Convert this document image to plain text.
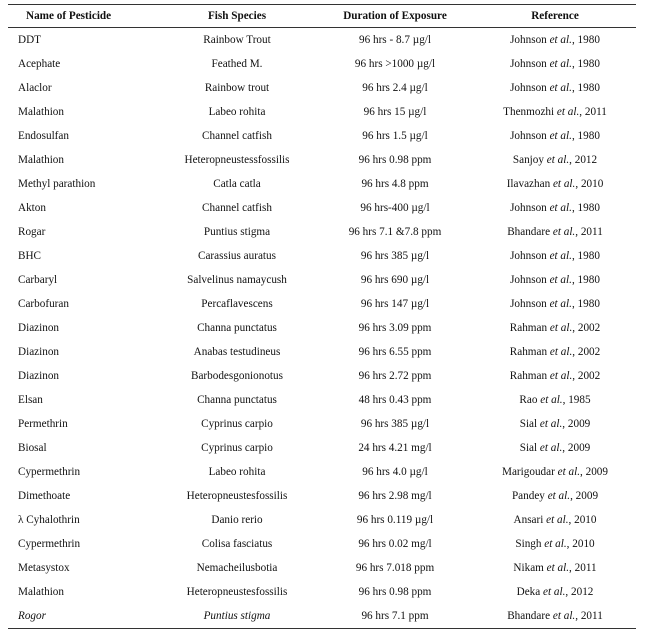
Name of Pesticide	Fish Species	Duration of Exposure	Reference
DDT	Rainbow Trout	96 hrs - 8.7 µg/l	Johnson et al., 1980
Acephate	Feathed M.	96 hrs >1000 µg/l	Johnson et al., 1980
Alaclor	Rainbow trout	96 hrs 2.4 µg/l	Johnson et al., 1980
Malathion	Labeo rohita	96 hrs 15 µg/l	Thenmozhi et al., 2011
Endosulfan	Channel catfish	96 hrs 1.5 µg/l	Johnson et al., 1980
Malathion	Heteropneustessfossilis	96 hrs 0.98 ppm	Sanjoy et al., 2012
Methyl parathion	Catla catla	96 hrs 4.8 ppm	Ilavazhan et al., 2010
Akton	Channel catfish	96 hrs-400 µg/l	Johnson et al., 1980
Rogar	Puntius stigma	96 hrs 7.1 &7.8 ppm	Bhandare et al., 2011
BHC	Carassius auratus	96 hrs 385 µg/l	Johnson et al., 1980
Carbaryl	Salvelinus namaycush	96 hrs 690 µg/l	Johnson et al., 1980
Carbofuran	Percaflavescens	96 hrs 147 µg/l	Johnson et al., 1980
Diazinon	Channa punctatus	96 hrs 3.09 ppm	Rahman et al., 2002
Diazinon	Anabas testudineus	96 hrs 6.55 ppm	Rahman et al., 2002
Diazinon	Barbodesgonionotus	96 hrs 2.72 ppm	Rahman et al., 2002
Elsan	Channa punctatus	48 hrs 0.43 ppm	Rao et al., 1985
Permethrin	Cyprinus carpio	96 hrs 385 µg/l	Sial et al., 2009
Biosal	Cyprinus carpio	24 hrs 4.21 mg/l	Sial et al., 2009
Cypermethrin	Labeo rohita	96 hrs 4.0 µg/l	Marigoudar et al., 2009
Dimethoate	Heteropneustesfossilis	96 hrs 2.98 mg/l	Pandey et al., 2009
λ Cyhalothrin	Danio rerio	96 hrs 0.119 µg/l	Ansari et al., 2010
Cypermethrin	Colisa fasciatus	96 hrs 0.02 mg/l	Singh et al., 2010
Metasystox	Nemacheilusbotia	96 hrs 7.018 ppm	Nikam et al., 2011
Malathion	Heteropneustesfossilis	96 hrs 0.98 ppm	Deka et al., 2012
Rogor	Puntius stigma	96 hrs 7.1 ppm	Bhandare et al., 2011
